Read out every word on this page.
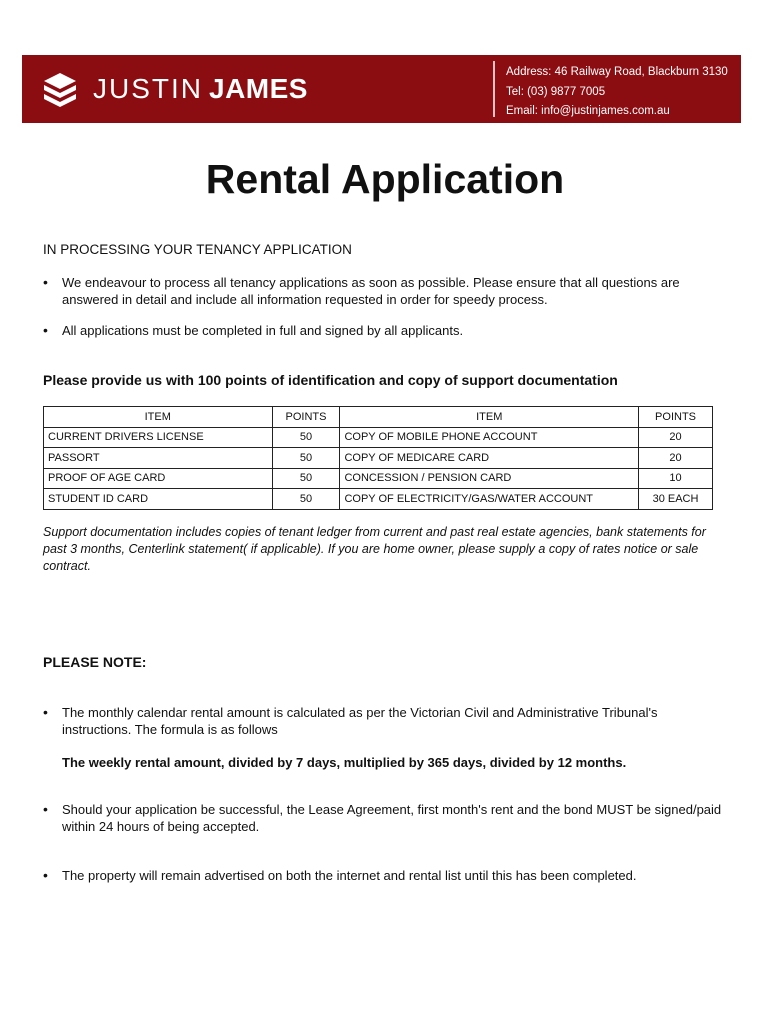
JUSTIN JAMES
Address: 46 Railway Road, Blackburn 3130
Tel: (03) 9877 7005
Email: info@justinjames.com.au
Rental Application
IN PROCESSING YOUR TENANCY APPLICATION
• We endeavour to process all tenancy applications as soon as possible. Please ensure that all questions are answered in detail and include all information requested in order for speedy process.
• All applications must be completed in full and signed by all applicants.
Please provide us with 100 points of identification and copy of support documentation
ITEM	POINTS	ITEM	POINTS
CURRENT DRIVERS LICENSE	50	COPY OF MOBILE PHONE ACCOUNT	20
PASSORT	50	COPY OF MEDICARE CARD	20
PROOF OF AGE CARD	50	CONCESSION / PENSION CARD	10
STUDENT ID CARD	50	COPY OF ELECTRICITY/GAS/WATER ACCOUNT	30 EACH
Support documentation includes copies of tenant ledger from current and past real estate agencies, bank statements for past 3 months, Centerlink statement( if applicable). If you are home owner, please supply a copy of rates notice or sale contract.
PLEASE NOTE:
• The monthly calendar rental amount is calculated as per the Victorian Civil and Administrative Tribunal's instructions. The formula is as follows
The weekly rental amount, divided by 7 days, multiplied by 365 days, divided by 12 months.
• Should your application be successful, the Lease Agreement, first month's rent and the bond MUST be signed/paid within 24 hours of being accepted.
• The property will remain advertised on both the internet and rental list until this has been completed.
